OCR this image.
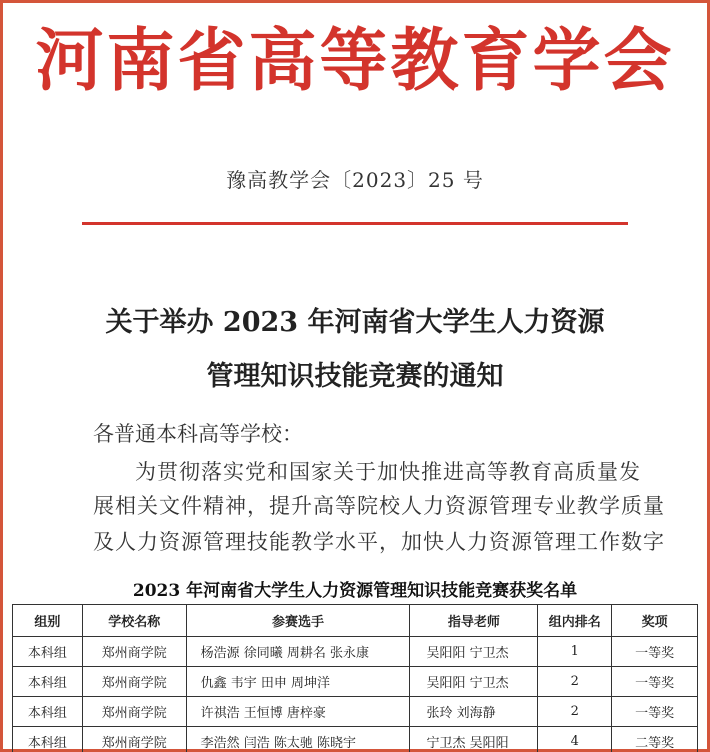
河南省高等教育学会
豫高教学会〔2023〕25 号
关于举办 2023 年河南省大学生人力资源
管理知识技能竞赛的通知
各普通本科高等学校：
为贯彻落实党和国家关于加快推进高等教育高质量发
展相关文件精神，提升高等院校人力资源管理专业教学质量
及人力资源管理技能教学水平，加快人力资源管理工作数字
2023 年河南省大学生人力资源管理知识技能竞赛获奖名单
组别	学校名称	参赛选手	指导老师	组内排名	奖项
本科组	郑州商学院	杨浩源 徐同曦 周耕名 张永康	吴阳阳 宁卫杰	1	一等奖
本科组	郑州商学院	仇鑫 韦宇 田申 周坤洋	吴阳阳 宁卫杰	2	一等奖
本科组	郑州商学院	许祺浩 王恒博 唐梓豪	张玲 刘海静	2	一等奖
本科组	郑州商学院	李浩然 闫浩 陈太驰 陈晓宇	宁卫杰 吴阳阳	4	二等奖
